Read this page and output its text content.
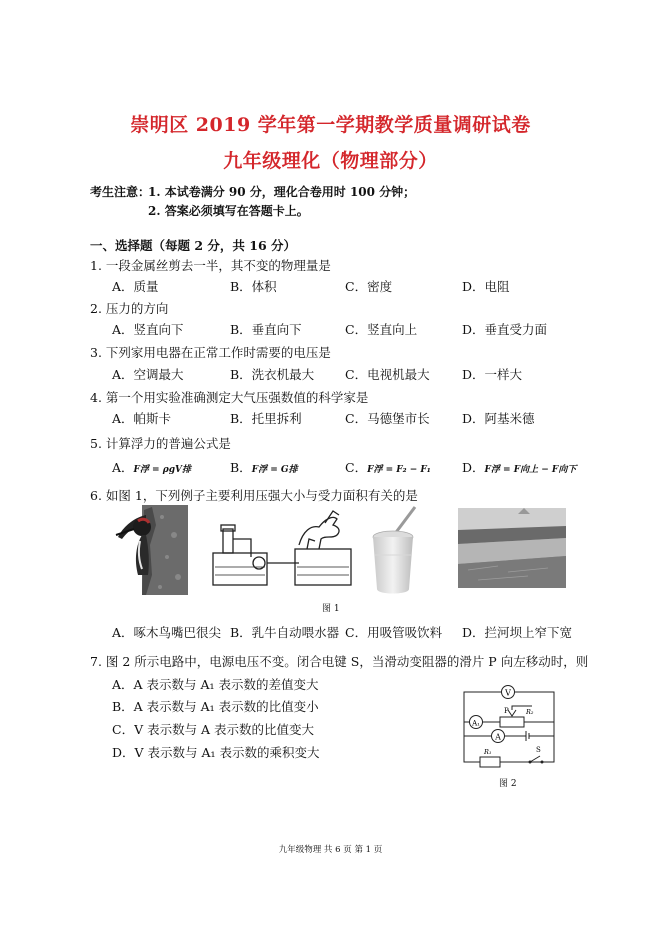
崇明区 2019 学年第一学期教学质量调研试卷
九年级理化（物理部分）
考生注意：
1. 本试卷满分 90 分，理化合卷用时 100 分钟；
2. 答案必须填写在答题卡上。
一、选择题（每题 2 分，共 16 分）
1. 一段金属丝剪去一半，其不变的物理量是
A．质量	B．体积	C．密度	D．电阻
2. 压力的方向
A．竖直向下	B．垂直向下	C．竖直向上	D．垂直受力面
3. 下列家用电器在正常工作时需要的电压是
A．空调最大	B．洗衣机最大 C．电视机最大	D．一样大
4. 第一个用实验准确测定大气压强数值的科学家是
A．帕斯卡	B．托里拆利	C．马德堡市长	D．阿基米德
5. 计算浮力的普遍公式是
A．F浮 = ρgV排	B．F浮 = G排	C．F浮 = F₂ − F₁	D．F浮 = F向上 − F向下
6. 如图 1，下列例子主要利用压强大小与受力面积有关的是
图 1
A．啄木鸟嘴巴很尖 B．乳牛自动喂水器 C．用吸管吸饮料 D．拦河坝上窄下宽
7. 图 2 所示电路中，电源电压不变。闭合电键 S，当滑动变阻器的滑片 P 向左移动时，则
A．A 表示数与 A₁ 表示数的差值变大
B．A 表示数与 A₁ 表示数的比值变小
C．V 表示数与 A 表示数的比值变大
D．V 表示数与 A₁ 表示数的乘积变大
V
A₁
A
P	R₂
R₁	S
图 2
九年级物理 共 6 页 第 1 页
